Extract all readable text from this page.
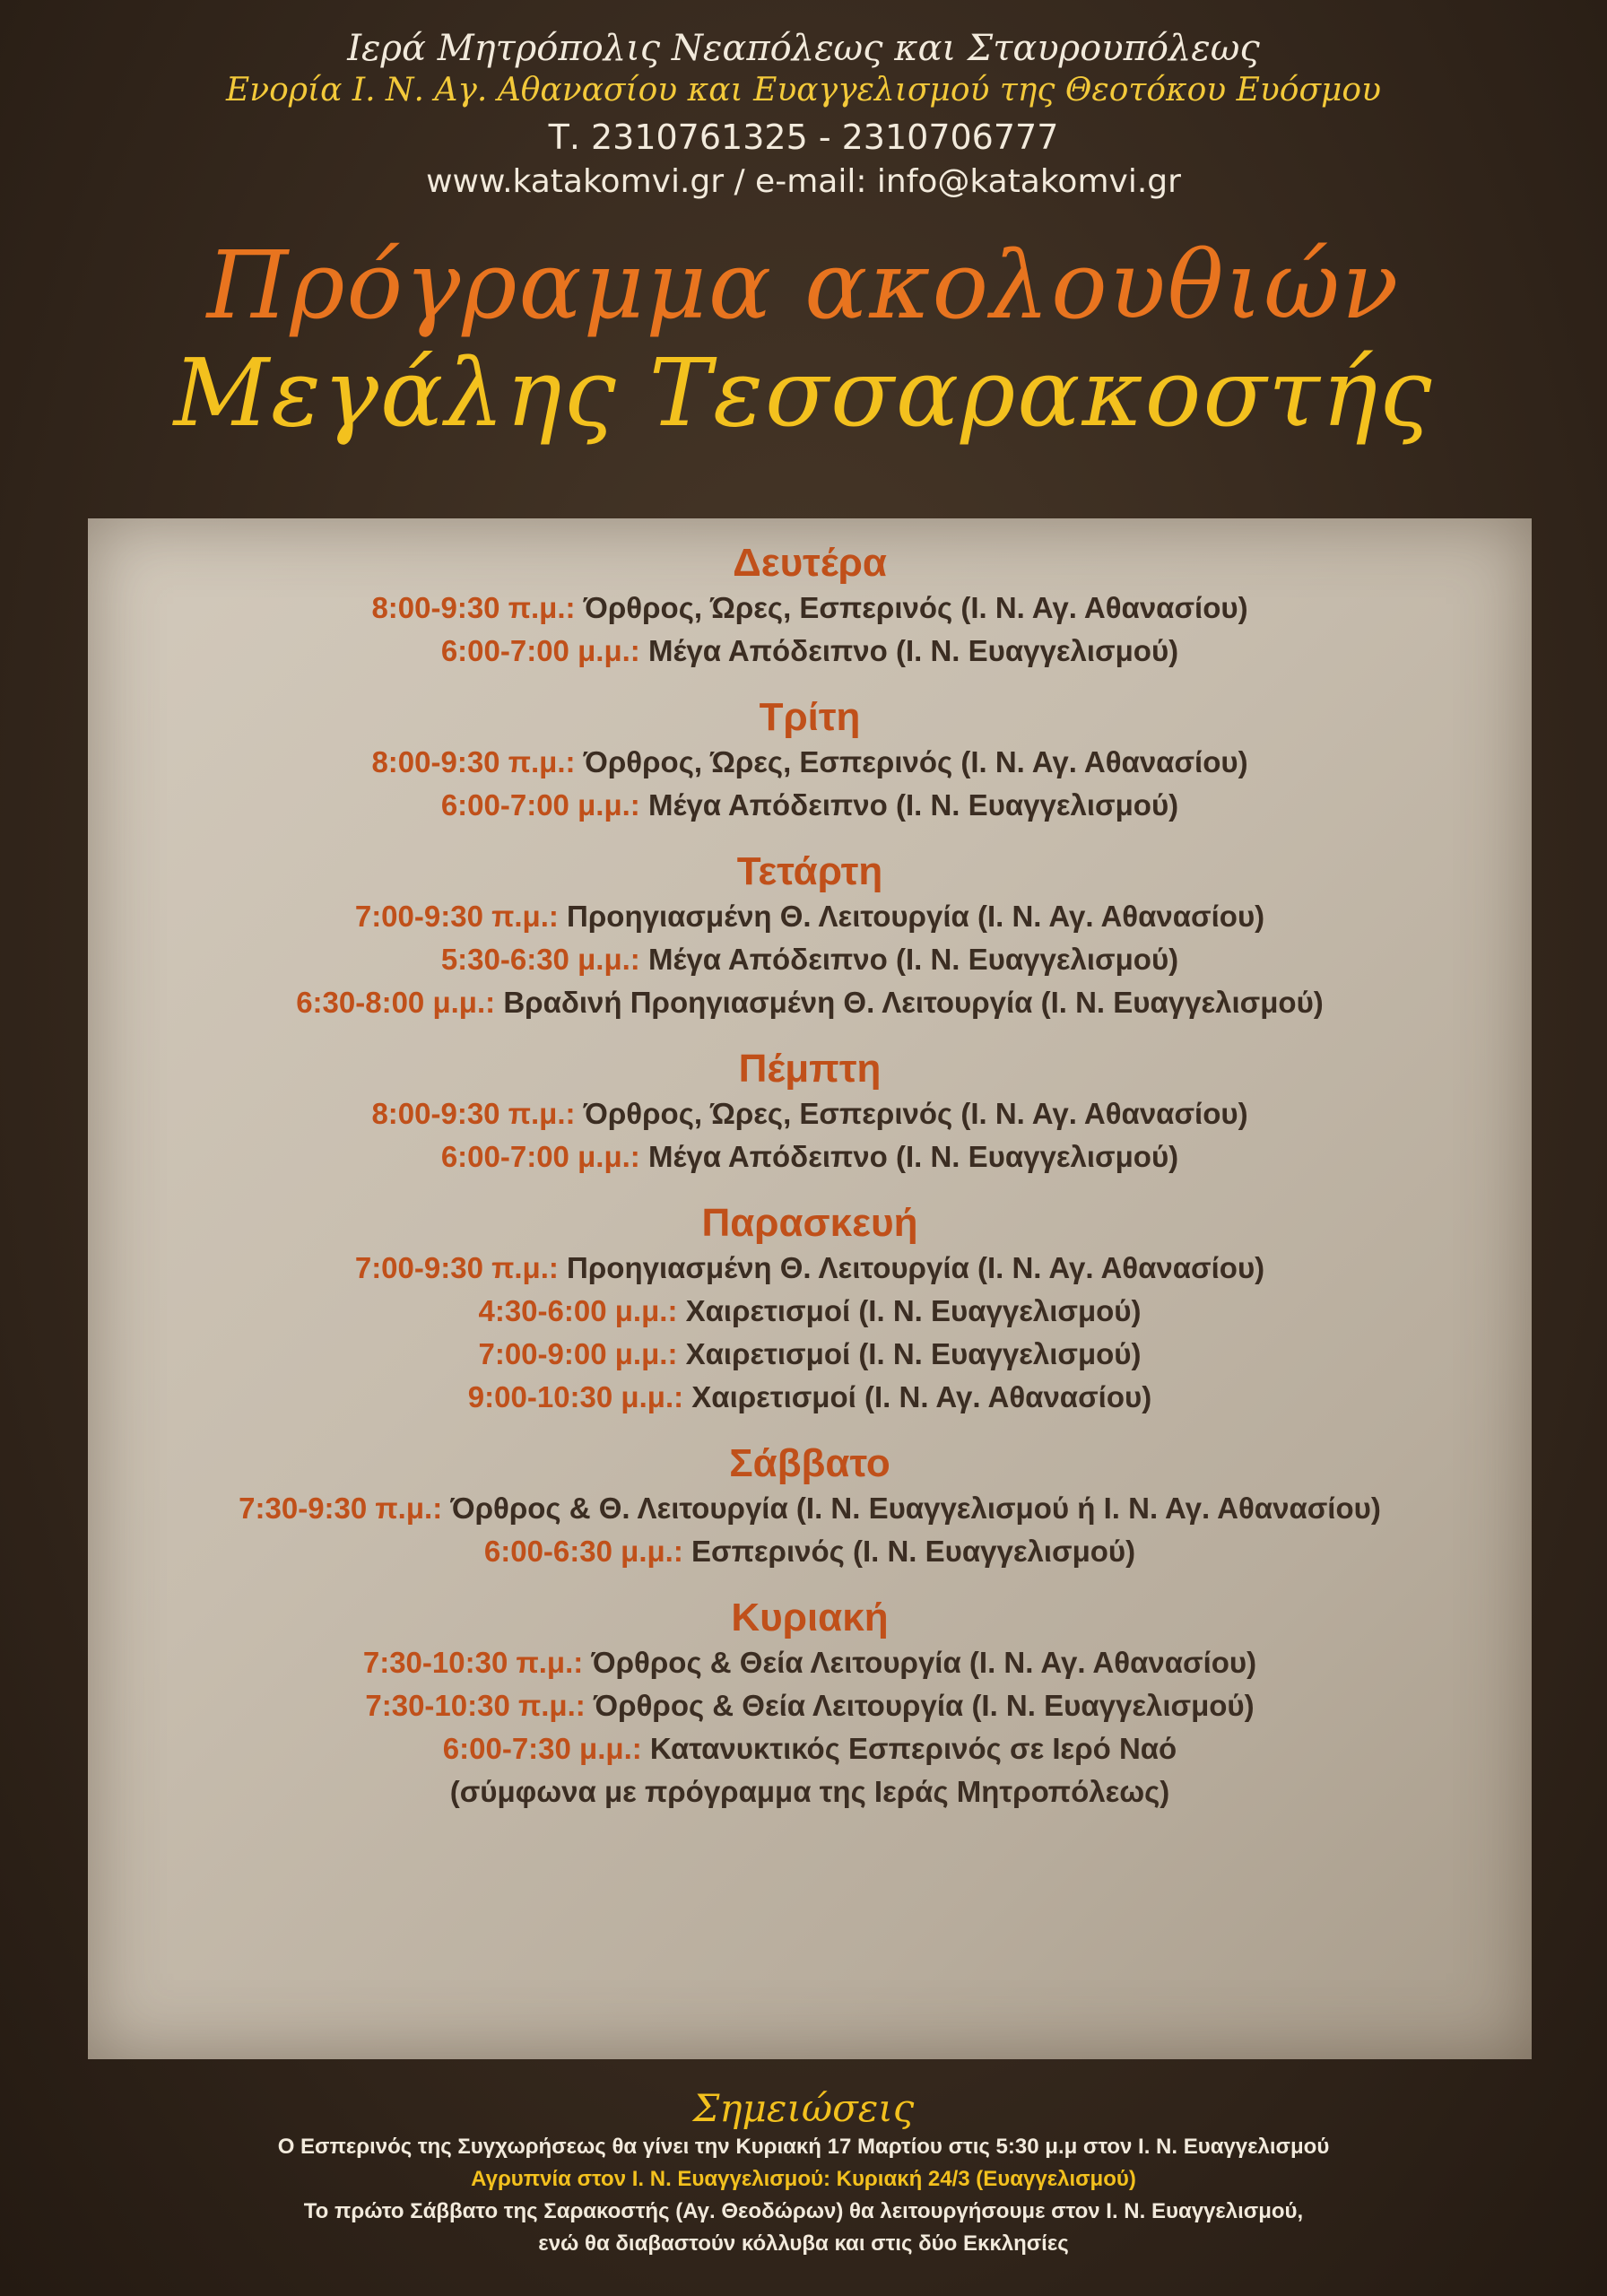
Ιερά Μητρόπολις Νεαπόλεως και Σταυρουπόλεως
Ενορία Ι. Ν. Αγ. Αθανασίου και Ευαγγελισμού της Θεοτόκου Ευόσμου
Τ. 2310761325 - 2310706777
www.katakomvi.gr / e-mail: info@katakomvi.gr
Πρόγραμμα ακολουθιών
Μεγάλης Τεσσαρακοστής
Δευτέρα
8:00-9:30 π.μ.: Όρθρος, Ώρες, Εσπερινός (Ι. Ν. Αγ. Αθανασίου)
6:00-7:00 μ.μ.: Μέγα Απόδειπνο (Ι. Ν. Ευαγγελισμού)
Τρίτη
8:00-9:30 π.μ.: Όρθρος, Ώρες, Εσπερινός (Ι. Ν. Αγ. Αθανασίου)
6:00-7:00 μ.μ.: Μέγα Απόδειπνο (Ι. Ν. Ευαγγελισμού)
Τετάρτη
7:00-9:30 π.μ.: Προηγιασμένη Θ. Λειτουργία (Ι. Ν. Αγ. Αθανασίου)
5:30-6:30 μ.μ.: Μέγα Απόδειπνο (Ι. Ν. Ευαγγελισμού)
6:30-8:00 μ.μ.: Βραδινή Προηγιασμένη Θ. Λειτουργία (Ι. Ν. Ευαγγελισμού)
Πέμπτη
8:00-9:30 π.μ.: Όρθρος, Ώρες, Εσπερινός (Ι. Ν. Αγ. Αθανασίου)
6:00-7:00 μ.μ.: Μέγα Απόδειπνο (Ι. Ν. Ευαγγελισμού)
Παρασκευή
7:00-9:30 π.μ.: Προηγιασμένη Θ. Λειτουργία (Ι. Ν. Αγ. Αθανασίου)
4:30-6:00 μ.μ.: Χαιρετισμοί (Ι. Ν. Ευαγγελισμού)
7:00-9:00 μ.μ.: Χαιρετισμοί (Ι. Ν. Ευαγγελισμού)
9:00-10:30 μ.μ.: Χαιρετισμοί (Ι. Ν. Αγ. Αθανασίου)
Σάββατο
7:30-9:30 π.μ.: Όρθρος & Θ. Λειτουργία (Ι. Ν. Ευαγγελισμού ή Ι. Ν. Αγ. Αθανασίου)
6:00-6:30 μ.μ.: Εσπερινός (Ι. Ν. Ευαγγελισμού)
Κυριακή
7:30-10:30 π.μ.: Όρθρος & Θεία Λειτουργία (Ι. Ν. Αγ. Αθανασίου)
7:30-10:30 π.μ.: Όρθρος & Θεία Λειτουργία (Ι. Ν. Ευαγγελισμού)
6:00-7:30 μ.μ.: Κατανυκτικός Εσπερινός σε Ιερό Ναό
(σύμφωνα με πρόγραμμα της Ιεράς Μητροπόλεως)
Σημειώσεις
Ο Εσπερινός της Συγχωρήσεως θα γίνει την Κυριακή 17 Μαρτίου στις 5:30 μ.μ στον Ι. Ν. Ευαγγελισμού
Αγρυπνία στον Ι. Ν. Ευαγγελισμού: Κυριακή 24/3 (Ευαγγελισμού)
Το πρώτο Σάββατο της Σαρακοστής (Αγ. Θεοδώρων) θα λειτουργήσουμε στον Ι. Ν. Ευαγγελισμού,
ενώ θα διαβαστούν κόλλυβα και στις δύο Εκκλησίες
